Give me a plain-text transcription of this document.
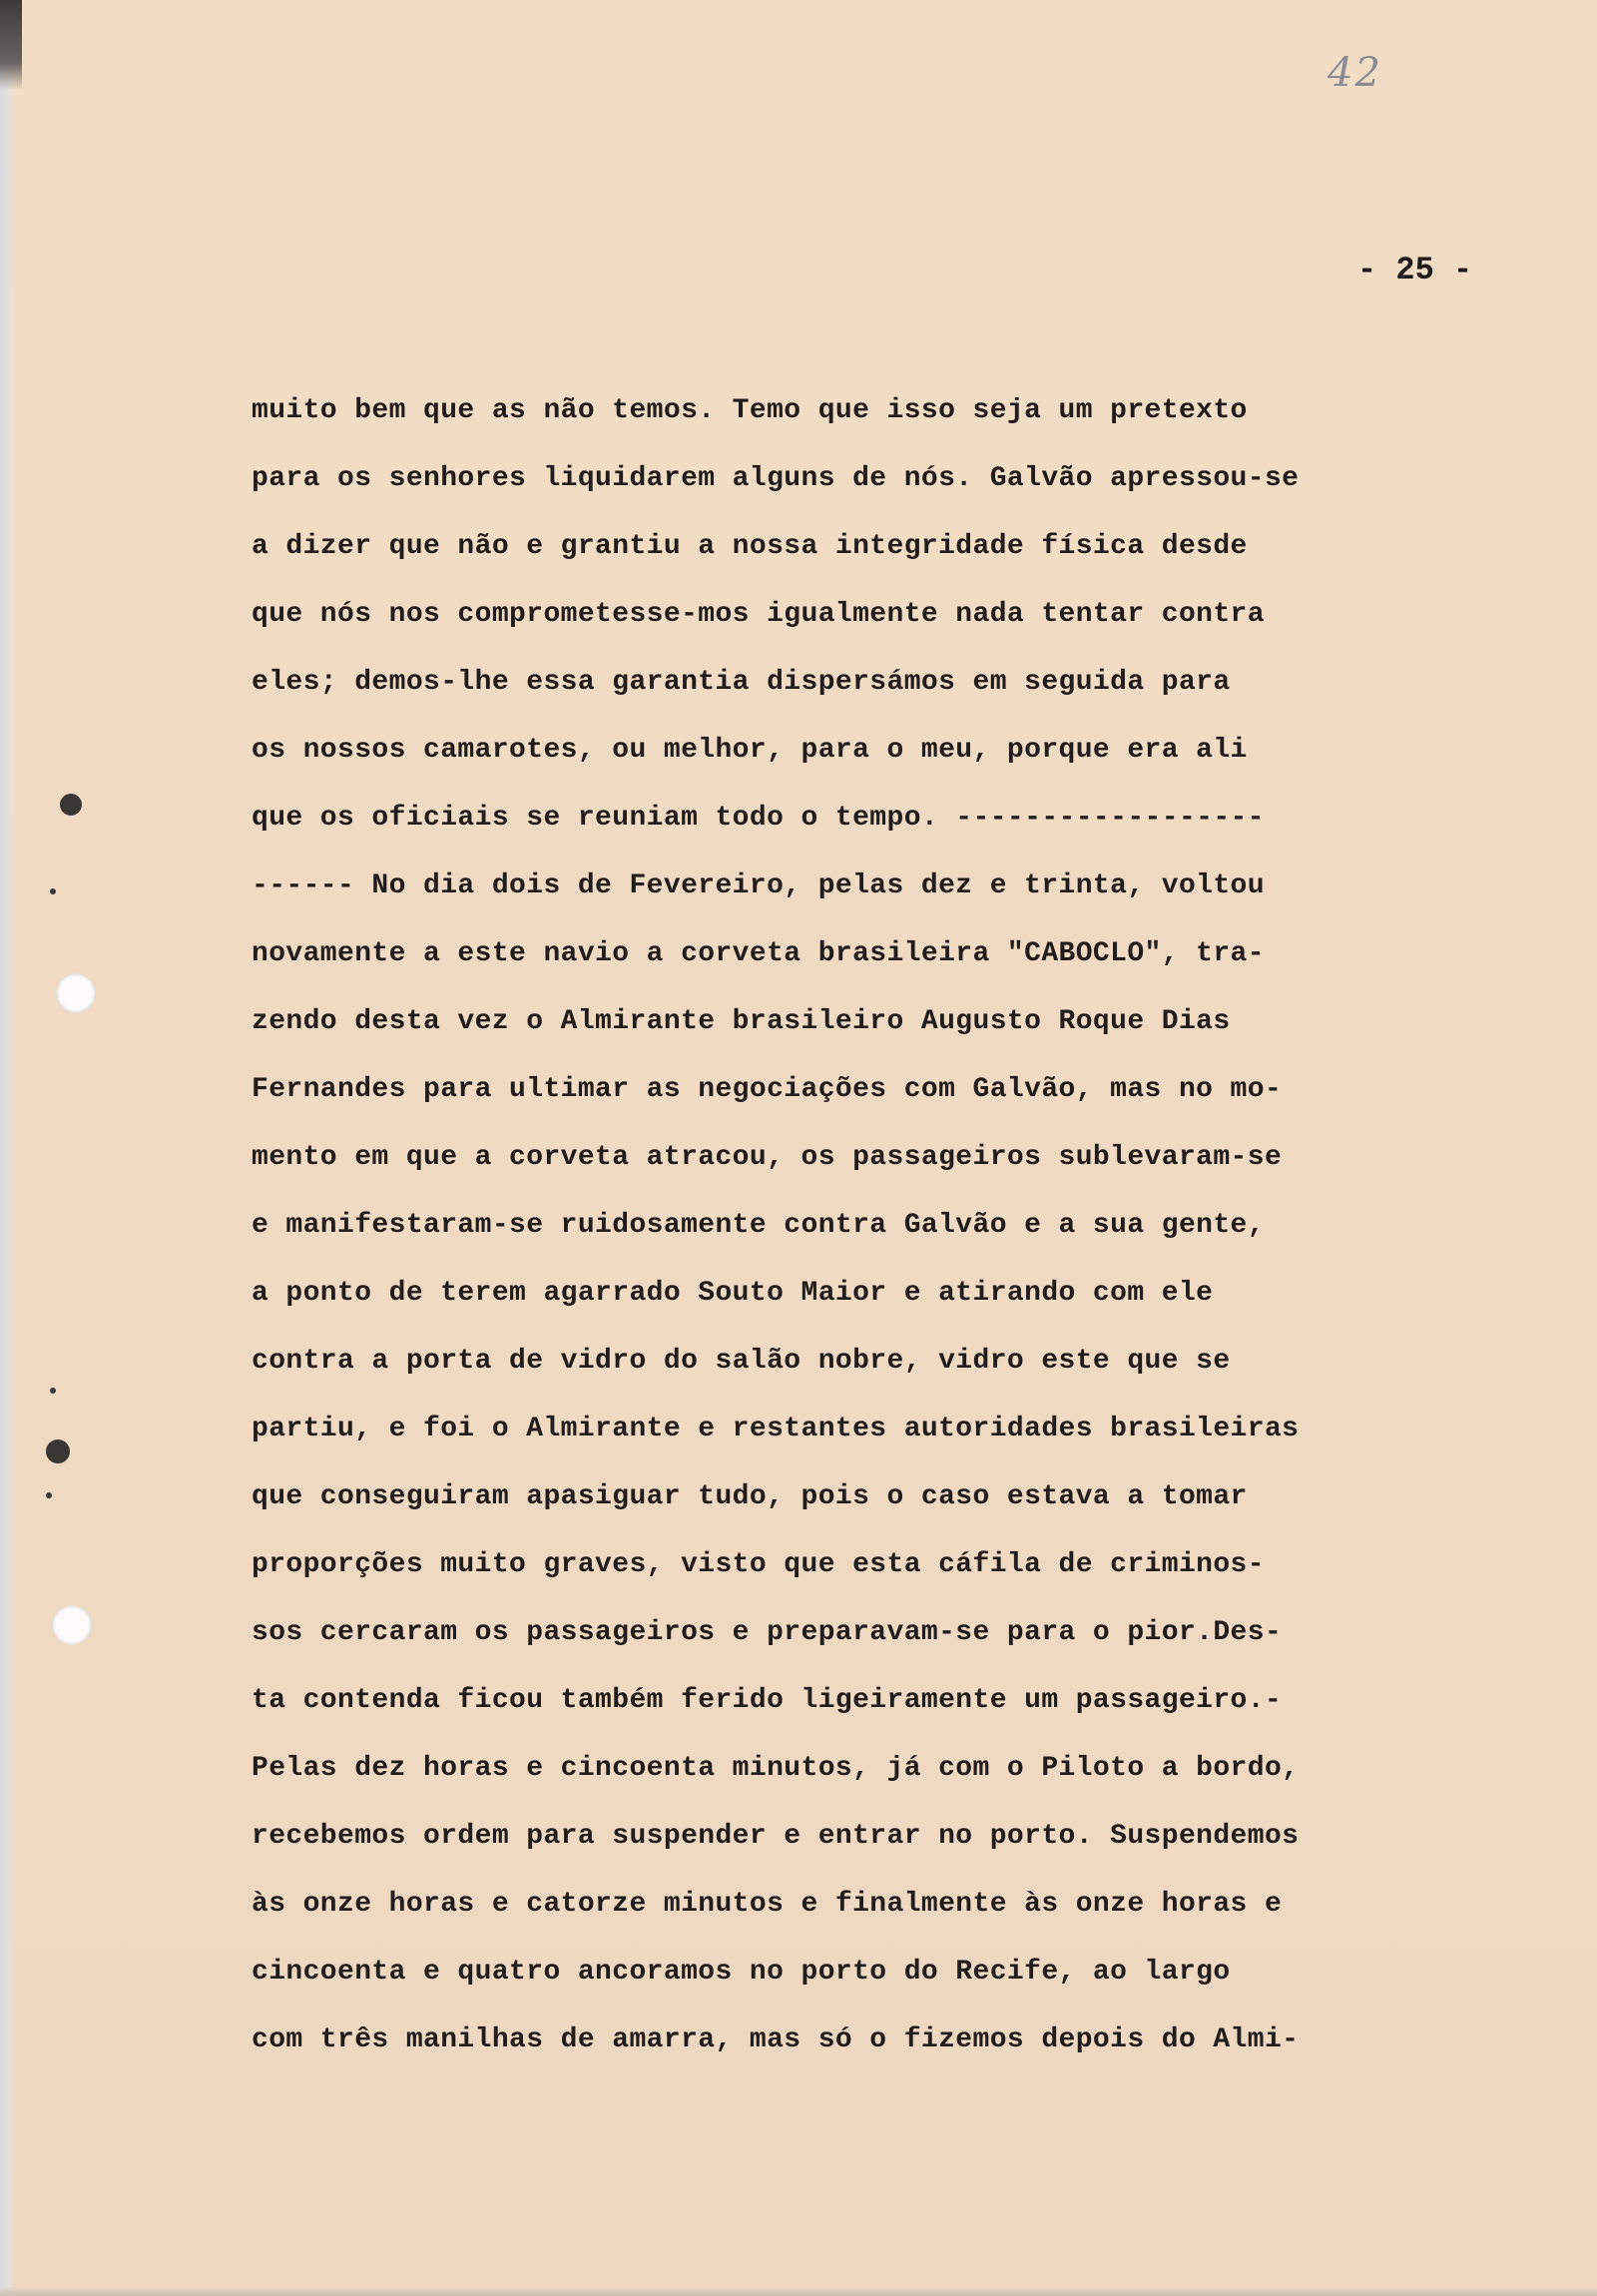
42
- 25 -
muito bem que as não temos. Temo que isso seja um pretexto
para os senhores liquidarem alguns de nós. Galvão apressou-se
a dizer que não e grantiu a nossa integridade física desde
que nós nos comprometesse-mos igualmente nada tentar contra
eles; demos-lhe essa garantia dispersámos em seguida para
os nossos camarotes, ou melhor, para o meu, porque era ali
que os oficiais se reuniam todo o tempo. ------------------
------ No dia dois de Fevereiro, pelas dez e trinta, voltou
novamente a este navio a corveta brasileira "CABOCLO", tra-
zendo desta vez o Almirante brasileiro Augusto Roque Dias
Fernandes para ultimar as negociações com Galvão, mas no mo-
mento em que a corveta atracou, os passageiros sublevaram-se
e manifestaram-se ruidosamente contra Galvão e a sua gente,
a ponto de terem agarrado Souto Maior e atirando com ele
contra a porta de vidro do salão nobre, vidro este que se
partiu, e foi o Almirante e restantes autoridades brasileiras
que conseguiram apasiguar tudo, pois o caso estava a tomar
proporções muito graves, visto que esta cáfila de criminos-
sos cercaram os passageiros e preparavam-se para o pior.Des-
ta contenda ficou também ferido ligeiramente um passageiro.-
Pelas dez horas e cincoenta minutos, já com o Piloto a bordo,
recebemos ordem para suspender e entrar no porto. Suspendemos
às onze horas e catorze minutos e finalmente às onze horas e
cincoenta e quatro ancoramos no porto do Recife, ao largo
com três manilhas de amarra, mas só o fizemos depois do Almi-
